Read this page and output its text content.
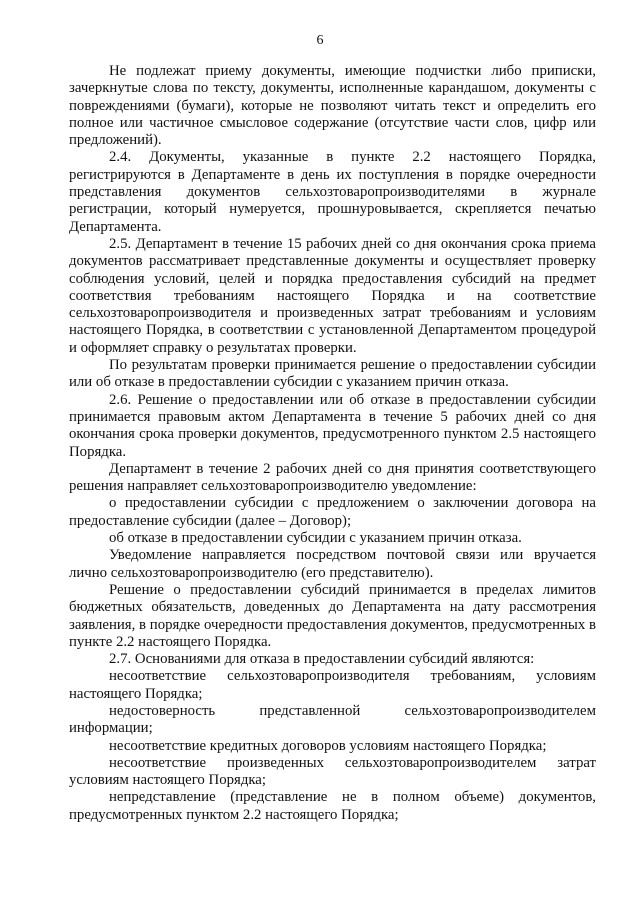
6

Не подлежат приему документы, имеющие подчистки либо приписки, зачеркнутые слова по тексту, документы, исполненные карандашом, документы с повреждениями (бумаги), которые не позволяют читать текст и определить его полное или частичное смысловое содержание (отсутствие части слов, цифр или предложений).

2.4. Документы, указанные в пункте 2.2 настоящего Порядка, регистрируются в Департаменте в день их поступления в порядке очередности представления документов сельхозтоваропроизводителями в журнале регистрации, который нумеруется, прошнуровывается, скрепляется печатью Департамента.

2.5. Департамент в течение 15 рабочих дней со дня окончания срока приема документов рассматривает представленные документы и осуществляет проверку соблюдения условий, целей и порядка предоставления субсидий на предмет соответствия требованиям настоящего Порядка и на соответствие сельхозтоваропроизводителя и произведенных затрат требованиям и условиям настоящего Порядка, в соответствии с установленной Департаментом процедурой и оформляет справку о результатах проверки.

По результатам проверки принимается решение о предоставлении субсидии или об отказе в предоставлении субсидии с указанием причин отказа.

2.6. Решение о предоставлении или об отказе в предоставлении субсидии принимается правовым актом Департамента в течение 5 рабочих дней со дня окончания срока проверки документов, предусмотренного пунктом 2.5 настоящего Порядка.

Департамент в течение 2 рабочих дней со дня принятия соответствующего решения направляет сельхозтоваропроизводителю уведомление:

о предоставлении субсидии с предложением о заключении договора на предоставление субсидии (далее – Договор);

об отказе в предоставлении субсидии с указанием причин отказа.

Уведомление направляется посредством почтовой связи или вручается лично сельхозтоваропроизводителю (его представителю).

Решение о предоставлении субсидий принимается в пределах лимитов бюджетных обязательств, доведенных до Департамента на дату рассмотрения заявления, в порядке очередности предоставления документов, предусмотренных в пункте 2.2 настоящего Порядка.

2.7. Основаниями для отказа в предоставлении субсидий являются:

несоответствие сельхозтоваропроизводителя требованиям, условиям настоящего Порядка;

недостоверность представленной сельхозтоваропроизводителем информации;

несоответствие кредитных договоров условиям настоящего Порядка;

несоответствие произведенных сельхозтоваропроизводителем затрат условиям настоящего Порядка;

непредставление (представление не в полном объеме) документов, предусмотренных пунктом 2.2 настоящего Порядка;
